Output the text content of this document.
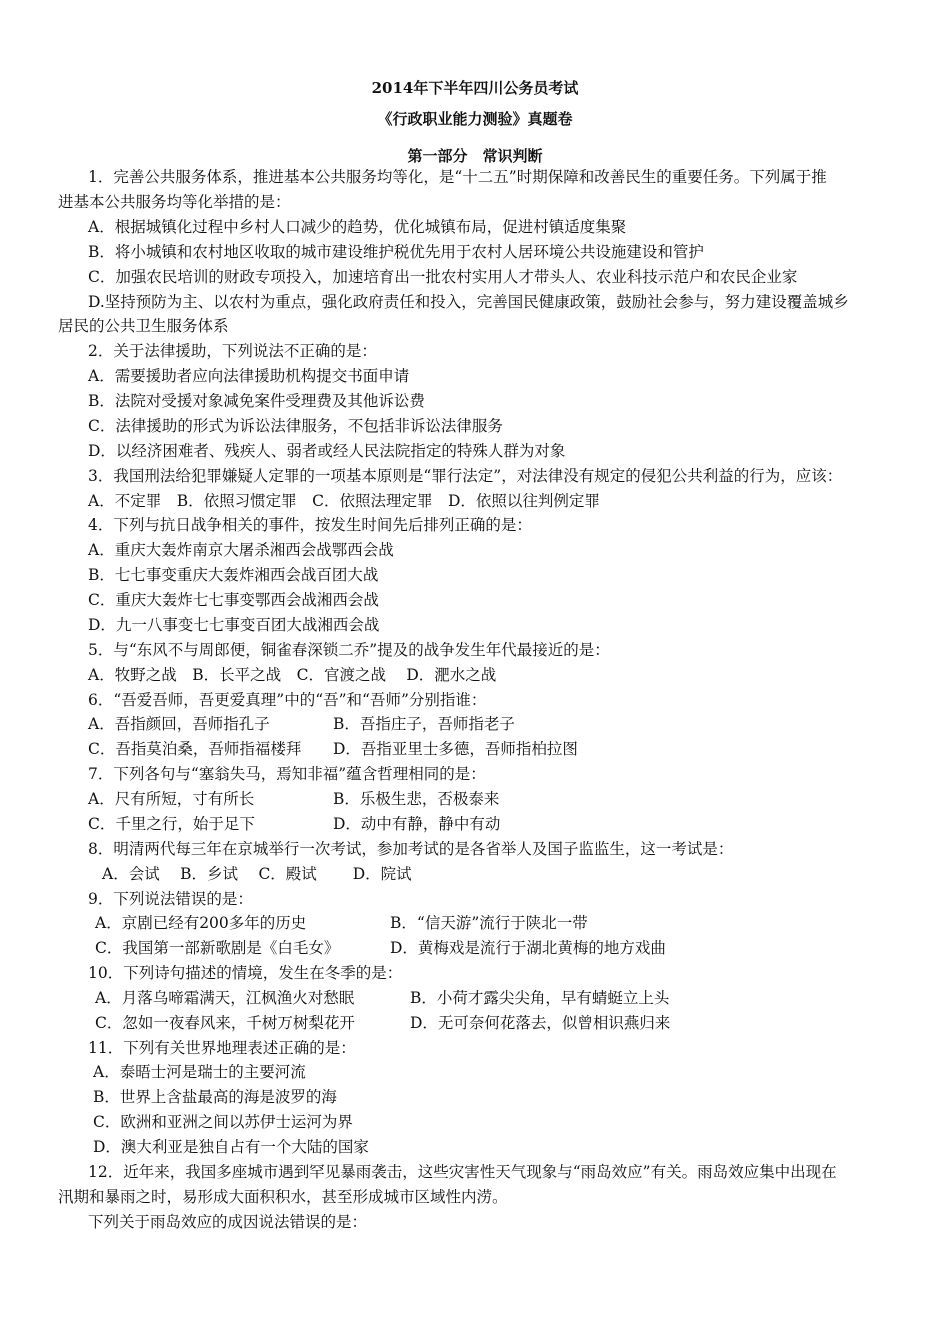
2014年下半年四川公务员考试
《行政职业能力测验》真题卷
第一部分　常识判断
1．完善公共服务体系，推进基本公共服务均等化，是“十二五”时期保障和改善民生的重要任务。下列属于推
进基本公共服务均等化举措的是：
A．根据城镇化过程中乡村人口减少的趋势，优化城镇布局，促进村镇适度集聚
B．将小城镇和农村地区收取的城市建设维护税优先用于农村人居环境公共设施建设和管护
C．加强农民培训的财政专项投入，加速培育出一批农村实用人才带头人、农业科技示范户和农民企业家
D.坚持预防为主、以农村为重点，强化政府责任和投入，完善国民健康政策，鼓励社会参与，努力建设覆盖城乡
居民的公共卫生服务体系
2．关于法律援助，下列说法不正确的是：
A．需要援助者应向法律援助机构提交书面申请
B．法院对受援对象减免案件受理费及其他诉讼费
C．法律援助的形式为诉讼法律服务，不包括非诉讼法律服务
D．以经济困难者、残疾人、弱者或经人民法院指定的特殊人群为对象
3．我国刑法给犯罪嫌疑人定罪的一项基本原则是“罪行法定”，对法律没有规定的侵犯公共利益的行为，应该：
A．不定罪　B．依照习惯定罪　C．依照法理定罪　D．依照以往判例定罪
4．下列与抗日战争相关的事件，按发生时间先后排列正确的是：
A．重庆大轰炸南京大屠杀湘西会战鄂西会战
B．七七事变重庆大轰炸湘西会战百团大战
C．重庆大轰炸七七事变鄂西会战湘西会战
D．九一八事变七七事变百团大战湘西会战
5．与“东风不与周郎便，铜雀春深锁二乔”提及的战争发生年代最接近的是：
A．牧野之战　B．长平之战　C．官渡之战　 D．淝水之战
6．“吾爱吾师，吾更爱真理”中的“吾”和“吾师”分别指谁：
A．吾指颜回，吾师指孔子	B．吾指庄子，吾师指老子
C．吾指莫泊桑，吾师指福楼拜 D．吾指亚里士多德，吾师指柏拉图
7．下列各句与“塞翁失马，焉知非福”蕴含哲理相同的是：
A．尺有所短，寸有所长	B．乐极生悲，否极泰来
C．千里之行，始于足下	D．动中有静，静中有动
8．明清两代每三年在京城举行一次考试，参加考试的是各省举人及国子监监生，这一考试是：
A．会试　 B．乡试　 C．殿试　　 D．院试
9．下列说法错误的是：
A．京剧已经有200多年的历史	B．“信天游”流行于陕北一带
C．我国第一部新歌剧是《白毛女》	D．黄梅戏是流行于湖北黄梅的地方戏曲
10．下列诗句描述的情境，发生在冬季的是：
A．月落乌啼霜满天，江枫渔火对愁眠	B．小荷才露尖尖角，早有蜻蜓立上头
C．忽如一夜春风来，千树万树梨花开	D．无可奈何花落去，似曾相识燕归来
11．下列有关世界地理表述正确的是：
A．泰晤士河是瑞士的主要河流
B．世界上含盐最高的海是波罗的海
C．欧洲和亚洲之间以苏伊士运河为界
D．澳大利亚是独自占有一个大陆的国家
12．近年来，我国多座城市遇到罕见暴雨袭击，这些灾害性天气现象与“雨岛效应”有关。雨岛效应集中出现在
汛期和暴雨之时，易形成大面积积水，甚至形成城市区域性内涝。
下列关于雨岛效应的成因说法错误的是：
